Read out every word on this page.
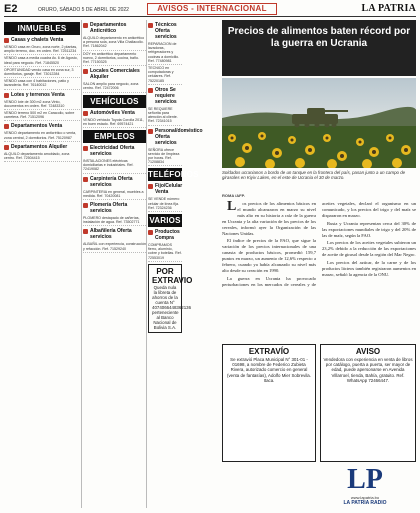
E2	ORURO, SÁBADO 5 DE ABRIL DE 2022	AVISOS - INTERNACIONAL	LA PATRIA
INMUEBLES
Casas y chalets Venta
VENDO casa en Oruro, zona norte, 2 plantas, amplio terreno, doc. en orden. Ref. 72511234
VENDO casa a media cuadra Av. 6 de Agosto, ideal para negocio. Ref. 71845520
OPORTUNIDAD vendo casa en zona sur, 3 dormitorios, garaje. Ref. 73012284
VENDO casa con 4 habitaciones, patio y lavandería. Ref. 76140012
Lotes y terrenos Venta
VENDO lote de 300 m2 zona Vinto, documentos en orden. Ref. 72483310
VENDO terreno 500 m2 en Caracollo, sobre carretera. Ref. 71512096
Departamentos Venta
VENDO departamento en anticrético o venta, zona central, 2 dormitorios. Ref. 75120987
Departamentos Alquiler
ALQUILO departamento amoblado, zona centro. Ref. 72504415
Departamentos Anticrético
ALQUILO departamento en anticrético a persona sola, zona Villa Challacollo. Ref. 71862042
DOY en anticrético departamento nuevo, 2 dormitorios, cocina, baño. Ref. 77150325
Locales Comerciales Alquiler
SALON amplio para negocio, zona centro. Ref. 72472006
VEHÍCULOS
Automóviles Venta
VENDO vehículo Toyota Corolla 2011, en buen estado. Ref. 69574421
EMPLEOS
Electricidad Oferta servicios
INSTALACIONES eléctricas domiciliarias e industriales. Ref. 72419082
Carpintería Oferta servicios
CARPINTERIA en general, muebles a medida. Ref. 70420081
Plomería Oferta servicios
PLOMERO destapado de cañerías, instalación de agua. Ref. 73502771
Albañilería Oferta servicios
ALBAÑIL con experiencia, construcción y refacción. Ref. 71529240
Técnicos Oferta servicios
REPARACION de lavadoras, refrigeradores y cocinas a domicilio. Ref. 77480981
TECNICO en computadoras y celulares. Ref. 75220185
Otros Se requiere servicios
SE REQUIERE señorita para atención al cliente. Ref. 72341015
Personal/doméstico Oferta servicios
SEÑORA ofrece servicio de limpieza por horas. Ref. 71208834
TELÉFONOS
Fijo/Celular Venta
SE VENDE número celular de línea fija. Ref. 72324236
VARIOS
Productos Compra
COMPRAMOS fierro, aluminio, cobre y botellas. Ref. 72553019
POR EXTRAVIO
Queda nula la libreta de ahorros de la cuenta N° 4074066448362136 perteneciente al Banco Nacional de Bolivia S.A.
Precios de alimentos baten récord por la guerra en Ucrania
Soldados ucranianos a bordo de un tanque en la frontera del país, pasan junto a un campo de girasoles en Kiyiv Lakes, en el este de Ucrania el 30 de marzo.
ROMA /AFP.

L os precios de los alimentos básicos en el mundo alcanzaron en marzo su nivel más alto en su historia a raíz de la guerra en Ucrania y la alta variación de los precios de los cereales, informó ayer la Organización de las Naciones Unidas.

El índice de precios de la FAO, que sigue la variación de los precios internacionales de una canasta de productos básicos, promedió 159,7 puntos en marzo, un aumento de 12,6% respecto a febrero, cuando ya había alcanzado su nivel más alto desde su creación en 1990.

La guerra en Ucrania ha provocado perturbaciones en los mercados de cereales y de aceites vegetales, declaró el organismo en un comunicado, y los precios del trigo y del maíz se dispararon en marzo.

Rusia y Ucrania representan cerca del 30% de las exportaciones mundiales de trigo y del 20% de las de maíz, según la FAO.

Los precios de los aceites vegetales subieron un 23,2% debido a la reducción de las exportaciones de aceite de girasol desde la región del Mar Negro.

Los precios del azúcar, de la carne y de los productos lácteos también registraron aumentos en marzo, señaló la agencia de la ONU.

EXTRAVÍO
Se extravió Placa Municipal N° 301-01 - 01698, a nombre de Federico Zubieta Rivera, autorizado comercio en general (venta de fantasías), Adolfo Mier Sobrevila. Itaca.
AVISO
Vendedora con experiencia en venta de libros por catálogo, puerta a puerta, ser mayor de edad, puede apersonarse en Avenida Villarroel, tienda, Bahía, gratuito. Ref. WhatsApp 72466447.
LP
www.lapatria.bo
LA PATRIA RADIO
